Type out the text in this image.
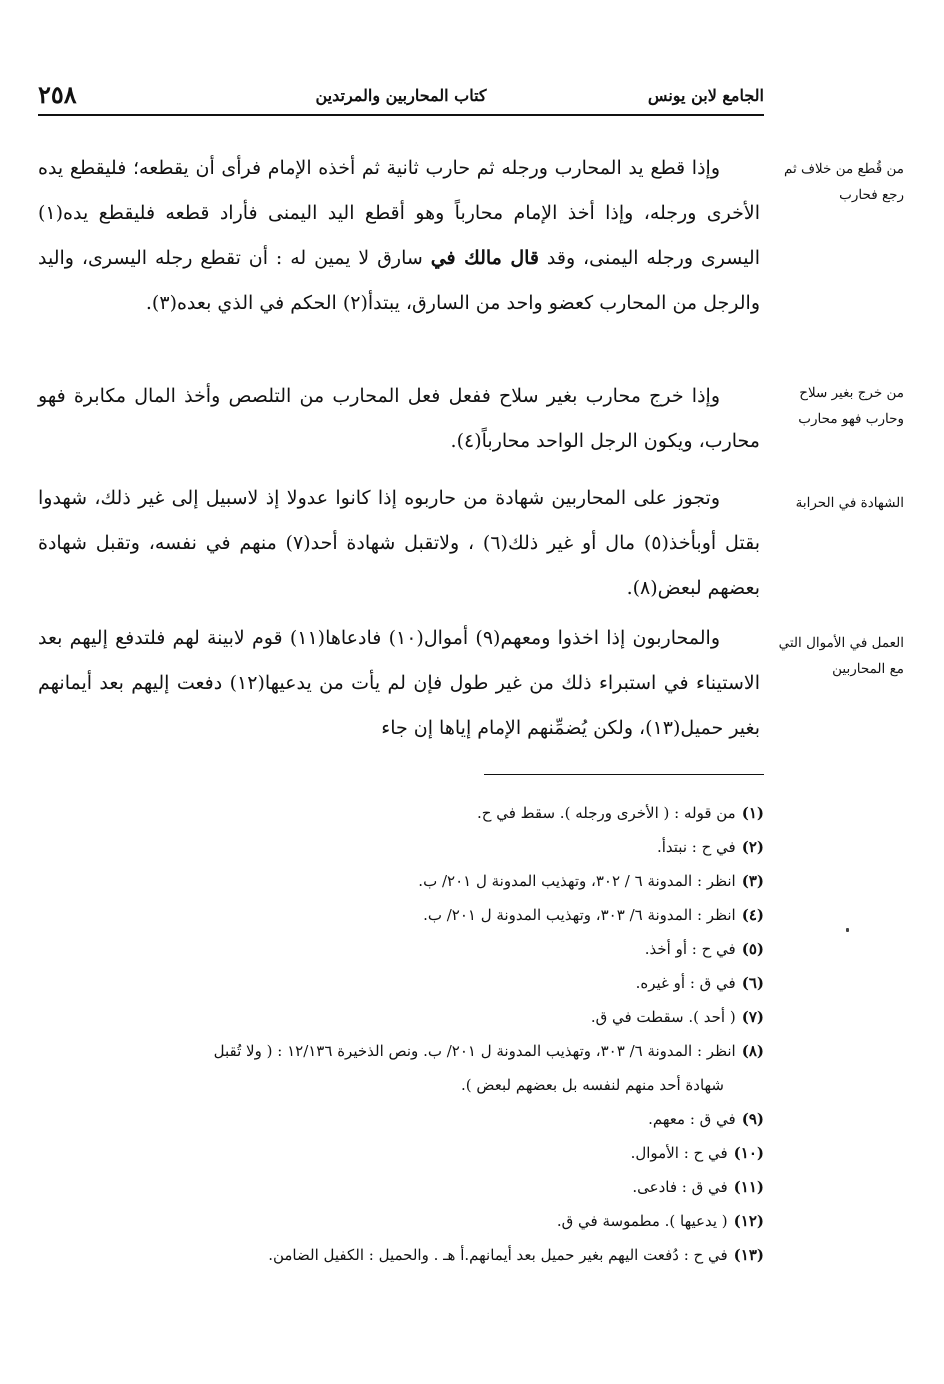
الجامع لابن يونس
كتاب المحاربين والمرتدين
٢٥٨
من قُطع من خلاف ثم رجع فحارب
وإذا قطع يد المحارب ورجله ثم حارب ثانية ثم أخذه الإمام فرأى أن يقطعه؛ فليقطع يده الأخرى ورجله، وإذا أخذ الإمام محارباً وهو أقطع اليد اليمنى فأراد قطعه فليقطع يده(١) اليسرى ورجله اليمنى، وقد قال مالك في سارق لا يمين له : أن تقطع رجله اليسرى، واليد والرجل من المحارب كعضو واحد من السارق، يبتدأ(٢) الحكم في الذي بعده(٣).
من خرج بغير سلاح وحارب فهو محارب
وإذا خرج محارب بغير سلاح ففعل فعل المحارب من التلصص وأخذ المال مكابرة فهو محارب، ويكون الرجل الواحد محارباً(٤).
الشهادة في الحرابة
وتجوز على المحاربين شهادة من حاربوه إذا كانوا عدولا إذ لاسبيل إلى غير ذلك، شهدوا بقتل أوبأخذ(٥) مال أو غير ذلك(٦) ، ولاتقبل شهادة أحد(٧) منهم في نفسه، وتقبل شهادة بعضهم لبعض(٨).
العمل في الأموال التي مع المحاربين
والمحاربون إذا اخذوا ومعهم(٩) أموال(١٠) فادعاها(١١) قوم لابينة لهم فلتدفع إليهم بعد الاستيناء في استبراء ذلك من غير طول فإن لم يأت من يدعيها(١٢) دفعت إليهم بعد أيمانهم بغير حميل(١٣)، ولكن يُضمِّنهم الإمام إياها إن جاء
(١)من قوله : ( الأخرى ورجله ). سقط في ح.
(٢)في ح : نبتدأ.
(٣)انظر : المدونة ٦ / ٣٠٢، وتهذيب المدونة ل ٢٠١/ ب.
(٤)انظر : المدونة ٦/ ٣٠٣، وتهذيب المدونة ل ٢٠١/ ب.
(٥)في ح : أو أخذ.
(٦)في ق : أو غيره.
(٧)( أحد ). سقطت في ق.
(٨)انظر : المدونة ٦/ ٣٠٣، وتهذيب المدونة ل ٢٠١/ ب. ونص الذخيرة ١٢/١٣٦ : ( ولا تُقبل
شهادة أحد منهم لنفسه بل بعضهم لبعض ).
(٩)في ق : معهم.
(١٠)في ح : الأموال.
(١١)في ق : فادعى.
(١٢)( يدعيها ). مطموسة في ق.
(١٣)في ح : دُفعت اليهم بغير حميل بعد أيمانهم.أ هـ . والحميل : الكفيل الضامن.
